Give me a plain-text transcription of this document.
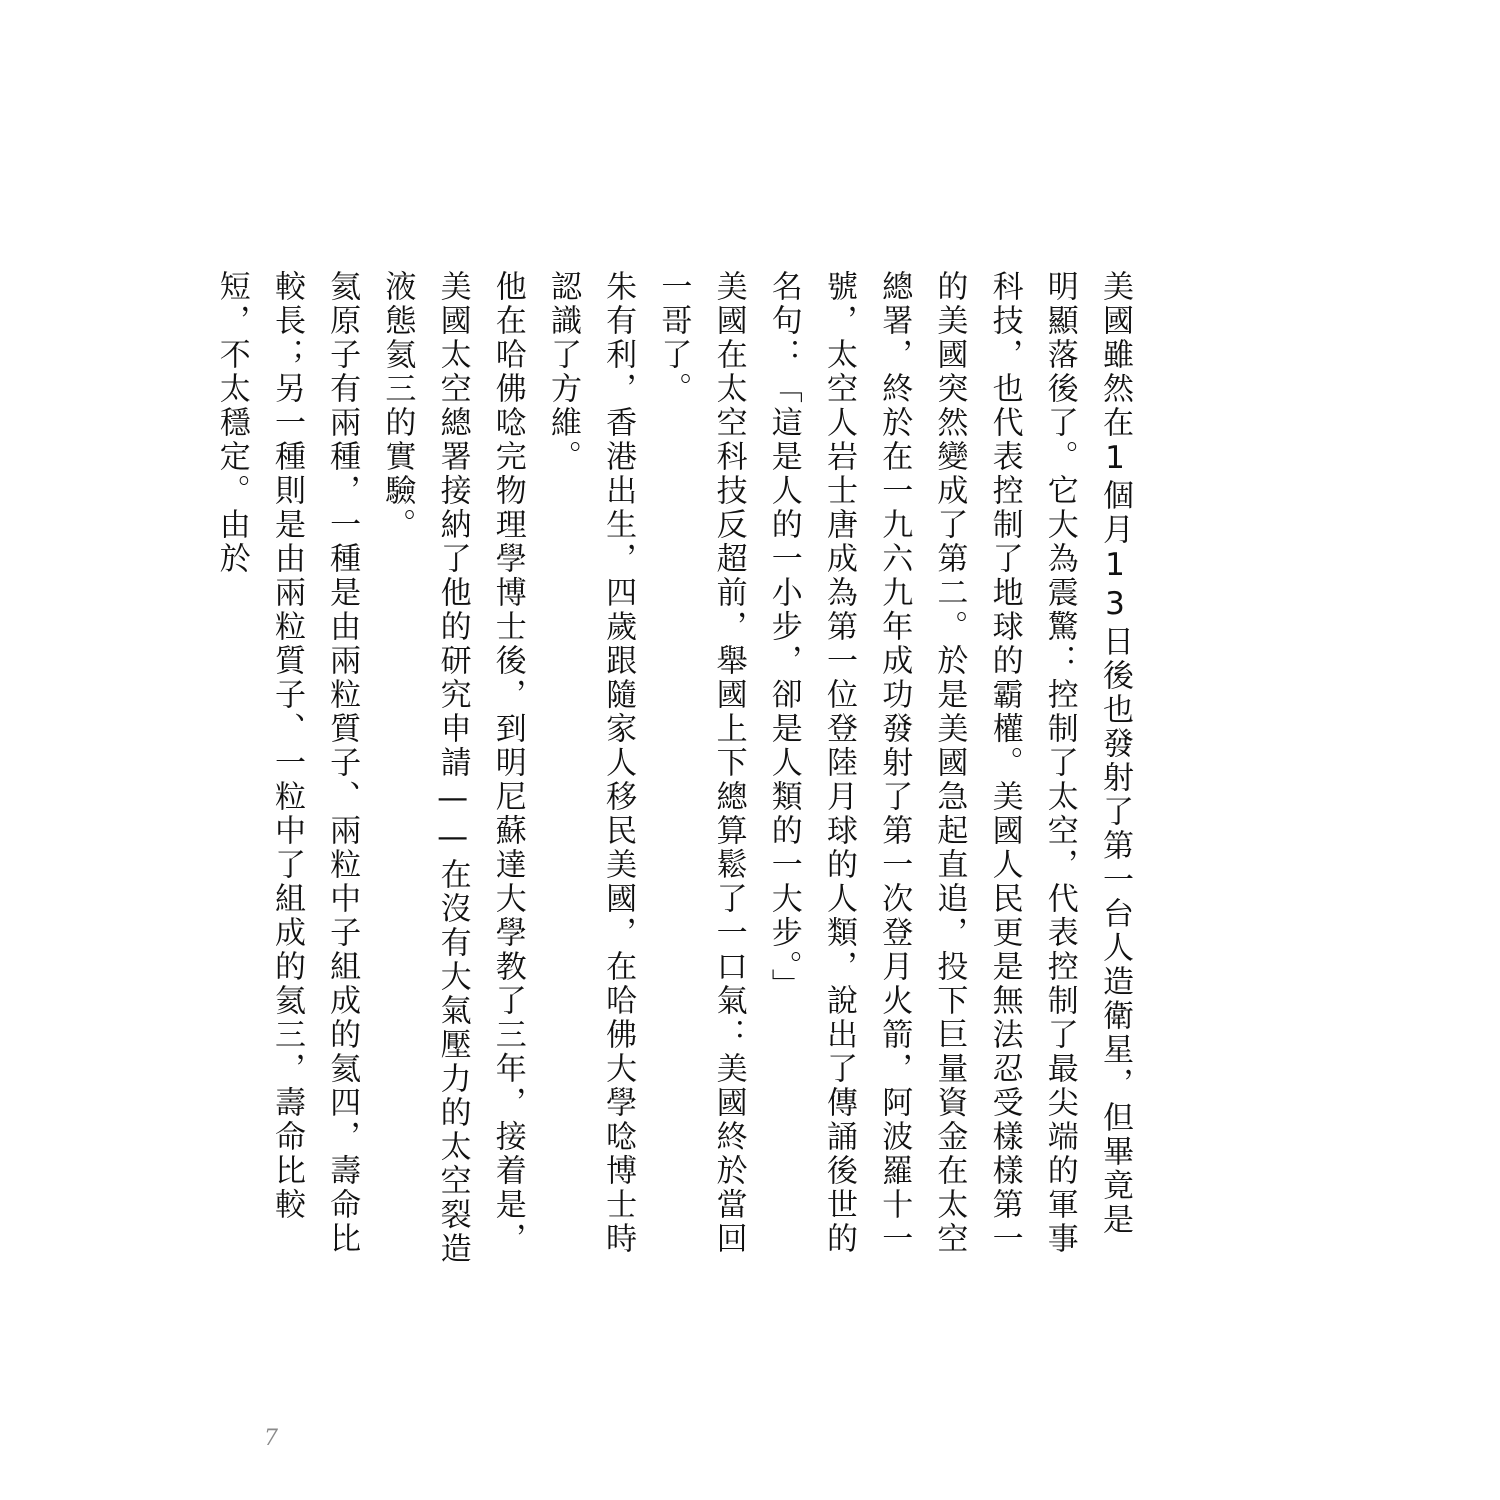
美國雖然在1個月13日後也發射了第一台人造衛星，但畢竟是明顯落後了。它大為震驚：控制了太空，代表控制了最尖端的軍事科技，也代表控制了地球的霸權。美國人民更是無法忍受樣樣第一的美國突然變成了第二。於是美國急起直追，投下巨量資金在太空總署，終於在一九六九年成功發射了第一次登月火箭，阿波羅十一號，太空人岩士唐成為第一位登陸月球的人類，說出了傳誦後世的名句：「這是人的一小步，卻是人類的一大步。」

美國在太空科技反超前，舉國上下總算鬆了一口氣：美國終於當回一哥了。

朱有利，香港出生，四歲跟隨家人移民美國，在哈佛大學唸博士時認識了方維。

他在哈佛唸完物理學博士後，到明尼蘇達大學教了三年，接着是，美國太空總署接納了他的研究申請——在沒有大氣壓力的太空裂造液態氦三的實驗。

氦原子有兩種，一種是由兩粒質子、兩粒中子組成的氦四，壽命比較長；另一種則是由兩粒質子、一粒中了組成的氦三，壽命比較短，不太穩定。由於

7
